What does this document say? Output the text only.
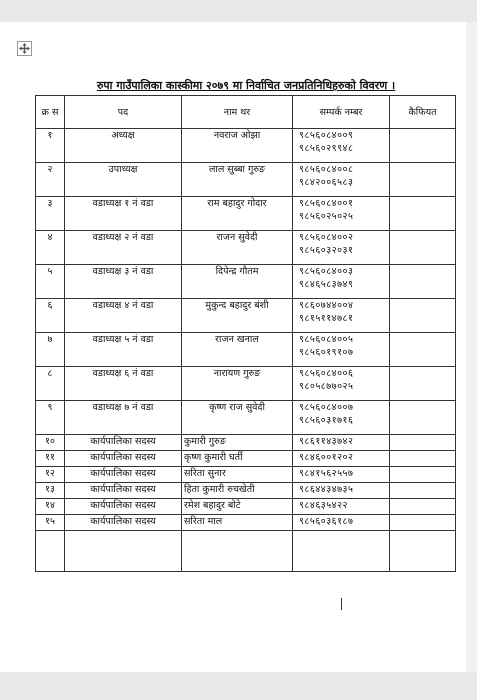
रुपा गाउँपालिका कास्कीमा २०७९ मा निर्वाचित जनप्रतिनिधिहरुको विवरण ।
क्र स	पद	नाम थर	सम्पर्क नम्बर	कैफियत
१	अध्यक्ष	नवराज ओझा	९८५६०८४००९
९८५६०२९९४८	

२	उपाध्यक्ष	लाल सुब्बा गुरुङ	९८५६०८४००८
९८४२००६५८३	

३	वडाध्यक्ष १ नं वडा	राम बहादुर गोदार	९८५६०८४००१
९८५६०२५०२५	

४	वडाध्यक्ष २ नं वडा	राजन सुवेदी	९८५६०८४००२
९८५६०३२०३१	

५	वडाध्यक्ष ३ नं वडा	दिपेन्द्र गौतम	९८५६०८४००३
९८४६५८३७४९	

६	वडाध्यक्ष ४ नं वडा	मुकुन्द बहादुर बंशी	९८६०७४४००४
९८१५११४७८१	

७	वडाध्यक्ष ५ नं वडा	राजन खनाल	९८५६०८४००५
९८५६०१९१०७	

८	वडाध्यक्ष ६ नं वडा	नारायण गुरुङ	९८५६०८४००६
९८०५८७७०२५	

९	वडाध्यक्ष ७ नं वडा	कृष्ण राज सुवेदी	९८५६०८४००७
९८५६०३१७१६	

१०	कार्यपालिका सदस्य	कुमारी गुरुङ	९८६११४३७४२	

११	कार्यपालिका सदस्य	कृष्ण कुमारी घर्ती	९८४६००१२०२	

१२	कार्यपालिका सदस्य	सरिता सुनार	९८४१५६२५५७	

१३	कार्यपालिका सदस्य	हिता कुमारी रुचखेती	९८६४४३४७३५	

१४	कार्यपालिका सदस्य	रमेश बहादुर बोटे	९८४६३५४२२	

१५	कार्यपालिका सदस्य	सरिता माल	९८५६०३६१८७	
